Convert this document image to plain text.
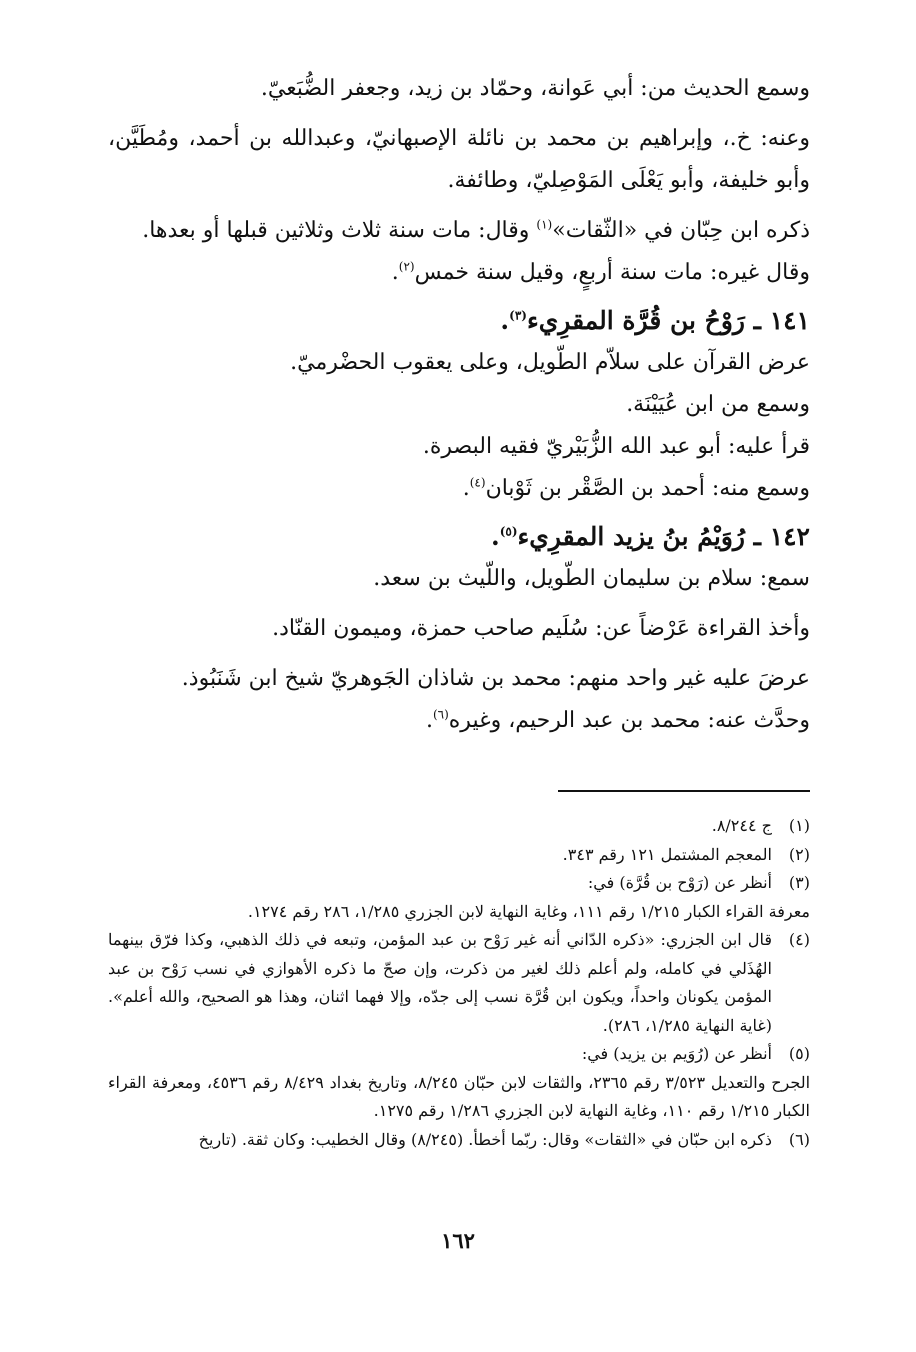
وسمع الحديث من: أبي عَوانة، وحمّاد بن زيد، وجعفر الضُّبَعيّ.

وعنه: خ.، وإبراهيم بن محمد بن نائلة الإصبهانيّ، وعبدالله بن أحمد، ومُطَيَّن، وأبو خليفة، وأبو يَعْلَى المَوْصِليّ، وطائفة.

ذكره ابن حِبّان في «الثّقات»$^{(١)}$ وقال: مات سنة ثلاث وثلاثين قبلها أو بعدها.

وقال غيره: مات سنة أربعٍ، وقيل سنة خمس$^{(٢)}$.

١٤١ ـ رَوْحُ بن قُرَّة المقرِيء$^{(٣)}$.

عرض القرآن على سلاّم الطّويل، وعلى يعقوب الحضْرميّ.

وسمع من ابن عُيَيْنَة.

قرأ عليه: أبو عبد الله الزُّبَيْريّ فقيه البصرة.

وسمع منه: أحمد بن الصَّقْر بن ثَوْبان$^{(٤)}$.

١٤٢ ـ رُوَيْمُ بنُ يزيد المقرِيء$^{(٥)}$.

سمع: سلام بن سليمان الطّويل، واللّيث بن سعد.

وأخذ القراءة عَرْضاً عن: سُلَيم صاحب حمزة، وميمون القنّاد.

عرضَ عليه غير واحد منهم: محمد بن شاذان الجَوهريّ شيخ ابن شَنَبُوذ.

وحدَّث عنه: محمد بن عبد الرحيم، وغيره$^{(٦)}$.

(١)

ج ٨/٢٤٤.

(٢)

المعجم المشتمل ١٢١ رقم ٣٤٣.

(٣)

أنظر عن (رَوْح بن قُرَّة) في:

معرفة القراء الكبار ١/٢١٥ رقم ١١١، وغاية النهاية لابن الجزري ١/٢٨٥، ٢٨٦ رقم ١٢٧٤.

(٤)

قال ابن الجزري: «ذكره الدّاني أنه غير رَوْح بن عبد المؤمن، وتبعه في ذلك الذهبي، وكذا فرّق بينهما الهُذَلي في كامله، ولم أعلم ذلك لغير من ذكرت، وإن صحّ ما ذكره الأهوازي في نسب رَوْح بن عبد المؤمن يكونان واحداً، ويكون ابن قُرَّة نسب إلى جدّه، وإلا فهما اثنان، وهذا هو الصحيح، والله أعلم». (غاية النهاية ١/٢٨٥، ٢٨٦).

(٥)

أنظر عن (رُوَيم بن يزيد) في:

الجرح والتعديل ٣/٥٢٣ رقم ٢٣٦٥، والثقات لابن حبّان ٨/٢٤٥، وتاريخ بغداد ٨/٤٢٩ رقم ٤٥٣٦، ومعرفة القراء الكبار ١/٢١٥ رقم ١١٠، وغاية النهاية لابن الجزري ١/٢٨٦ رقم ١٢٧٥.

(٦)

ذكره ابن حبّان في «الثقات» وقال: ربّما أخطأ. (٨/٢٤٥) وقال الخطيب: وكان ثقة. (تاريخ

١٦٢
